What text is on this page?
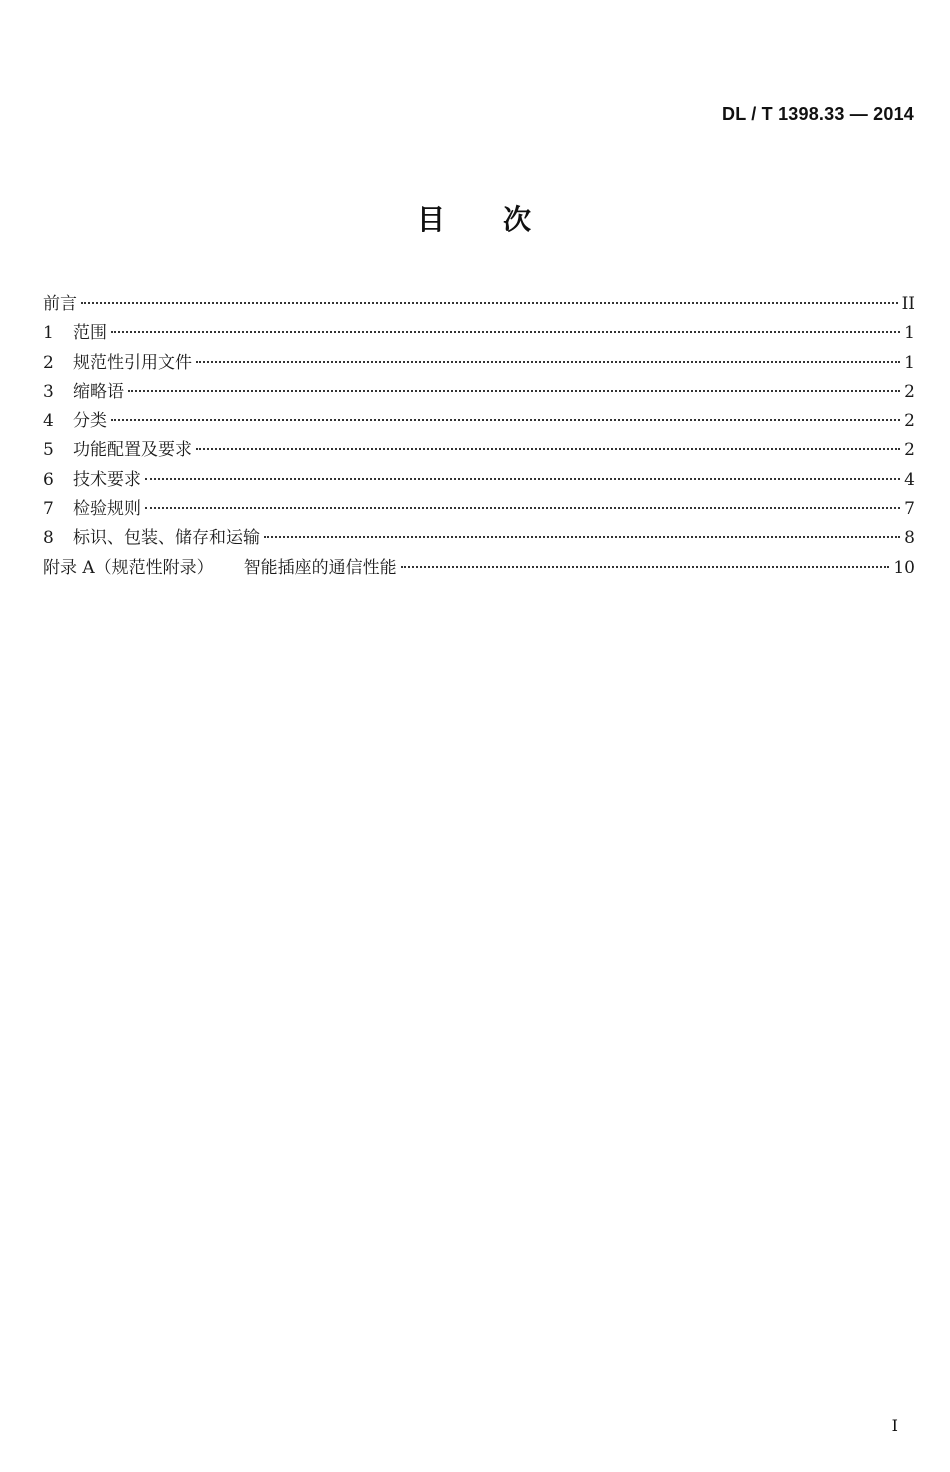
DL / T 1398.33 — 2014
目 次
前言	II
1	范围	1
2	规范性引用文件	1
3	缩略语	2
4	分类	2
5	功能配置及要求	2
6	技术要求	4
7	检验规则	7
8	标识、包装、储存和运输	8
附录 A（规范性附录） 智能插座的通信性能	10
I
